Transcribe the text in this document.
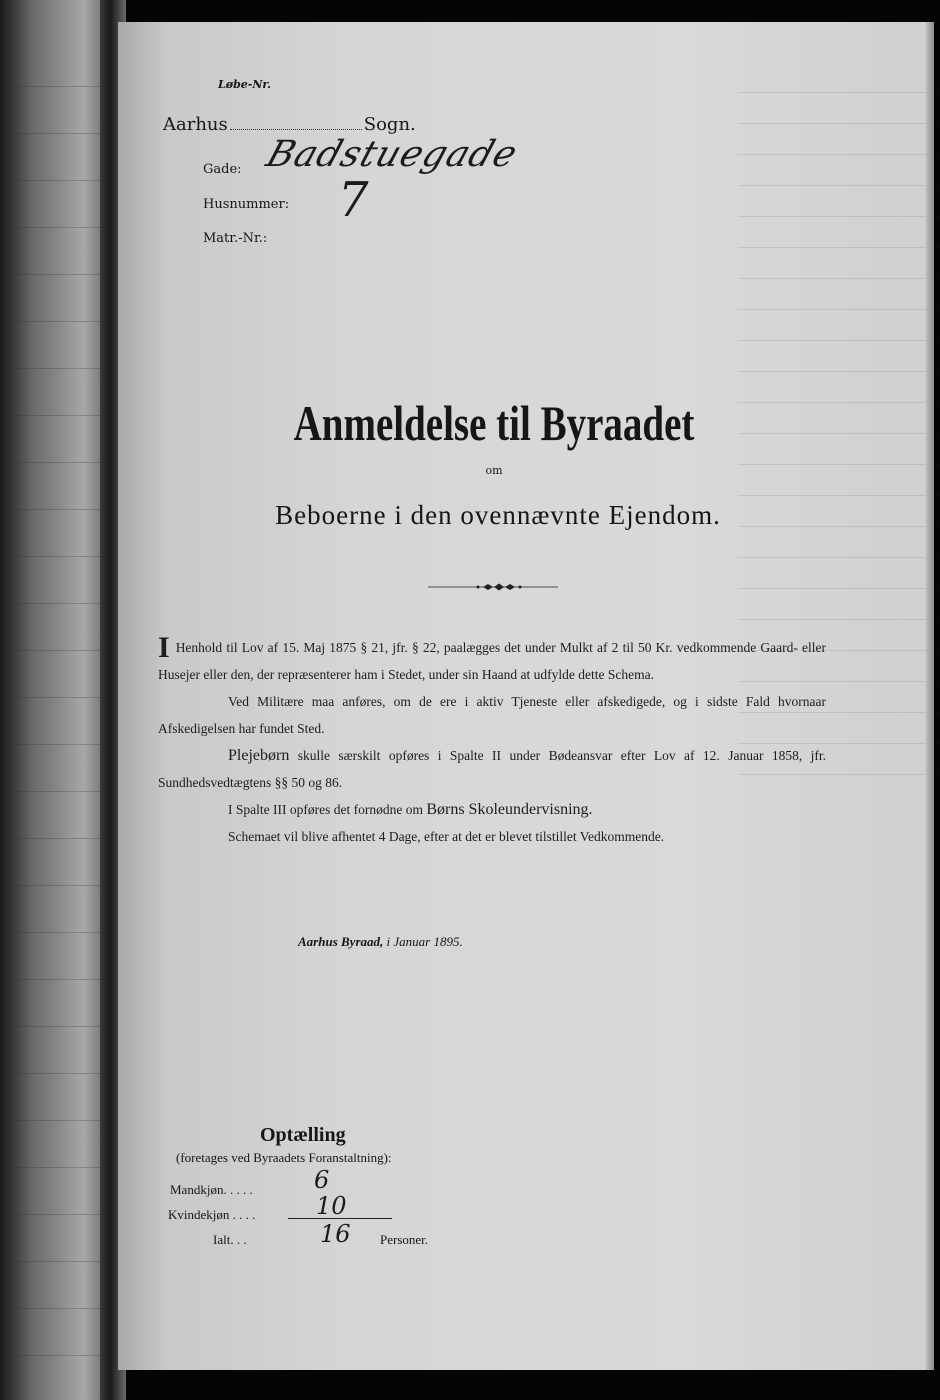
Løbe-Nr.
Aarhus	Sogn.
Gade: Badstuegade
Husnummer: 7
Matr.-Nr.:
Anmeldelse til Byraadet
om
Beboerne i den ovennævnte Ejendom.

I Henhold til Lov af 15. Maj 1875 § 21, jfr. § 22, paalægges det under Mulkt af 2 til 50 Kr. vedkommende Gaard- eller Husejer eller den, der repræsenterer ham i Stedet, under sin Haand at udfylde dette Schema.

Ved Militære maa anføres, om de ere i aktiv Tjeneste eller afskedigede, og i sidste Fald hvornaar Afskedigelsen har fundet Sted.

Plejebørn skulle særskilt opføres i Spalte II under Bødeansvar efter Lov af 12. Januar 1858, jfr. Sundhedsvedtægtens §§ 50 og 86.

I Spalte III opføres det fornødne om Børns Skoleundervisning.

Schemaet vil blive afhentet 4 Dage, efter at det er blevet tilstillet Vedkommende.

Aarhus Byraad, i Januar 1895.
Optælling
(foretages ved Byraadets Foranstaltning):
Mandkjøn. . . . .	6
Kvindekjøn . . . .	10
Ialt. . .	16 Personer.
